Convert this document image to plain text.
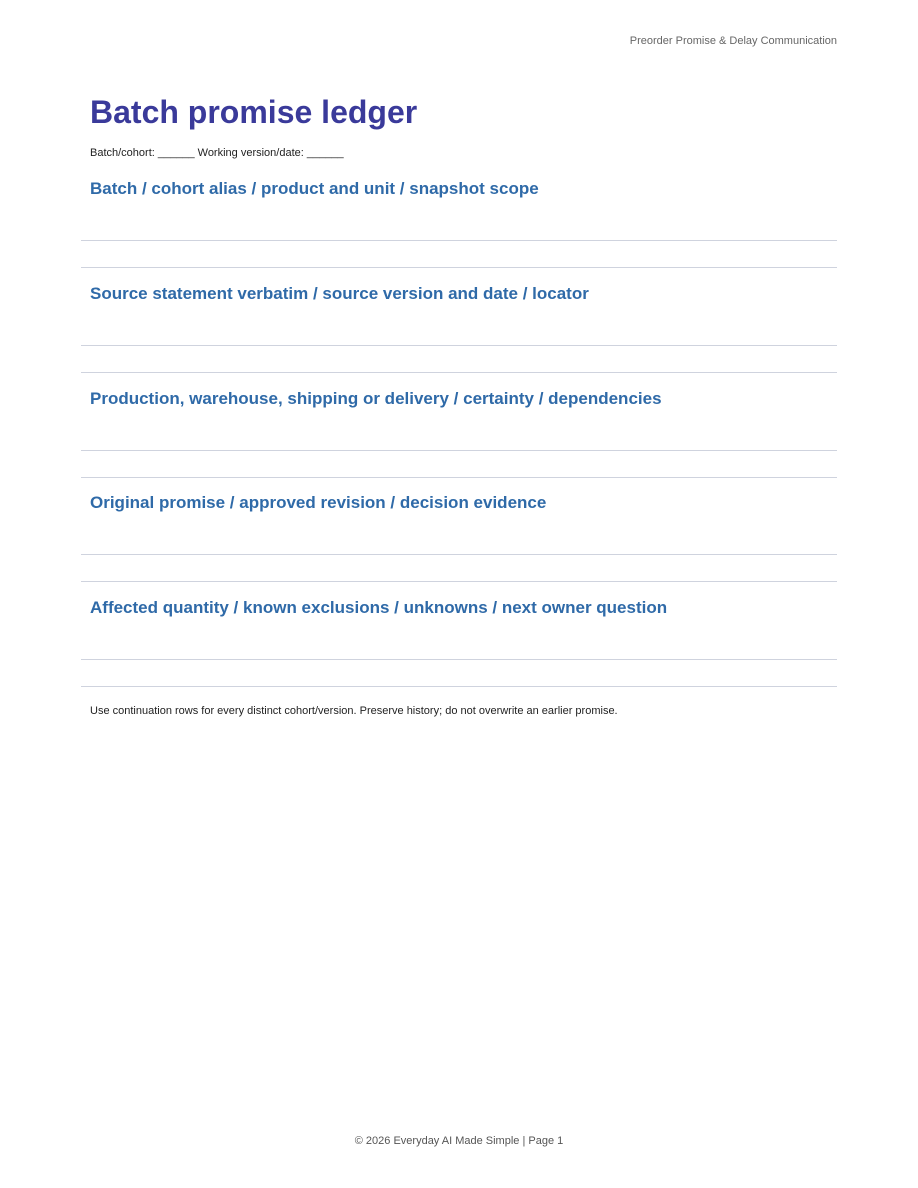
Preorder Promise & Delay Communication
Batch promise ledger
Batch/cohort: ______ Working version/date: ______
Batch / cohort alias / product and unit / snapshot scope
Source statement verbatim / source version and date / locator
Production, warehouse, shipping or delivery / certainty / dependencies
Original promise / approved revision / decision evidence
Affected quantity / known exclusions / unknowns / next owner question
Use continuation rows for every distinct cohort/version. Preserve history; do not overwrite an earlier promise.
© 2026 Everyday AI Made Simple | Page 1
